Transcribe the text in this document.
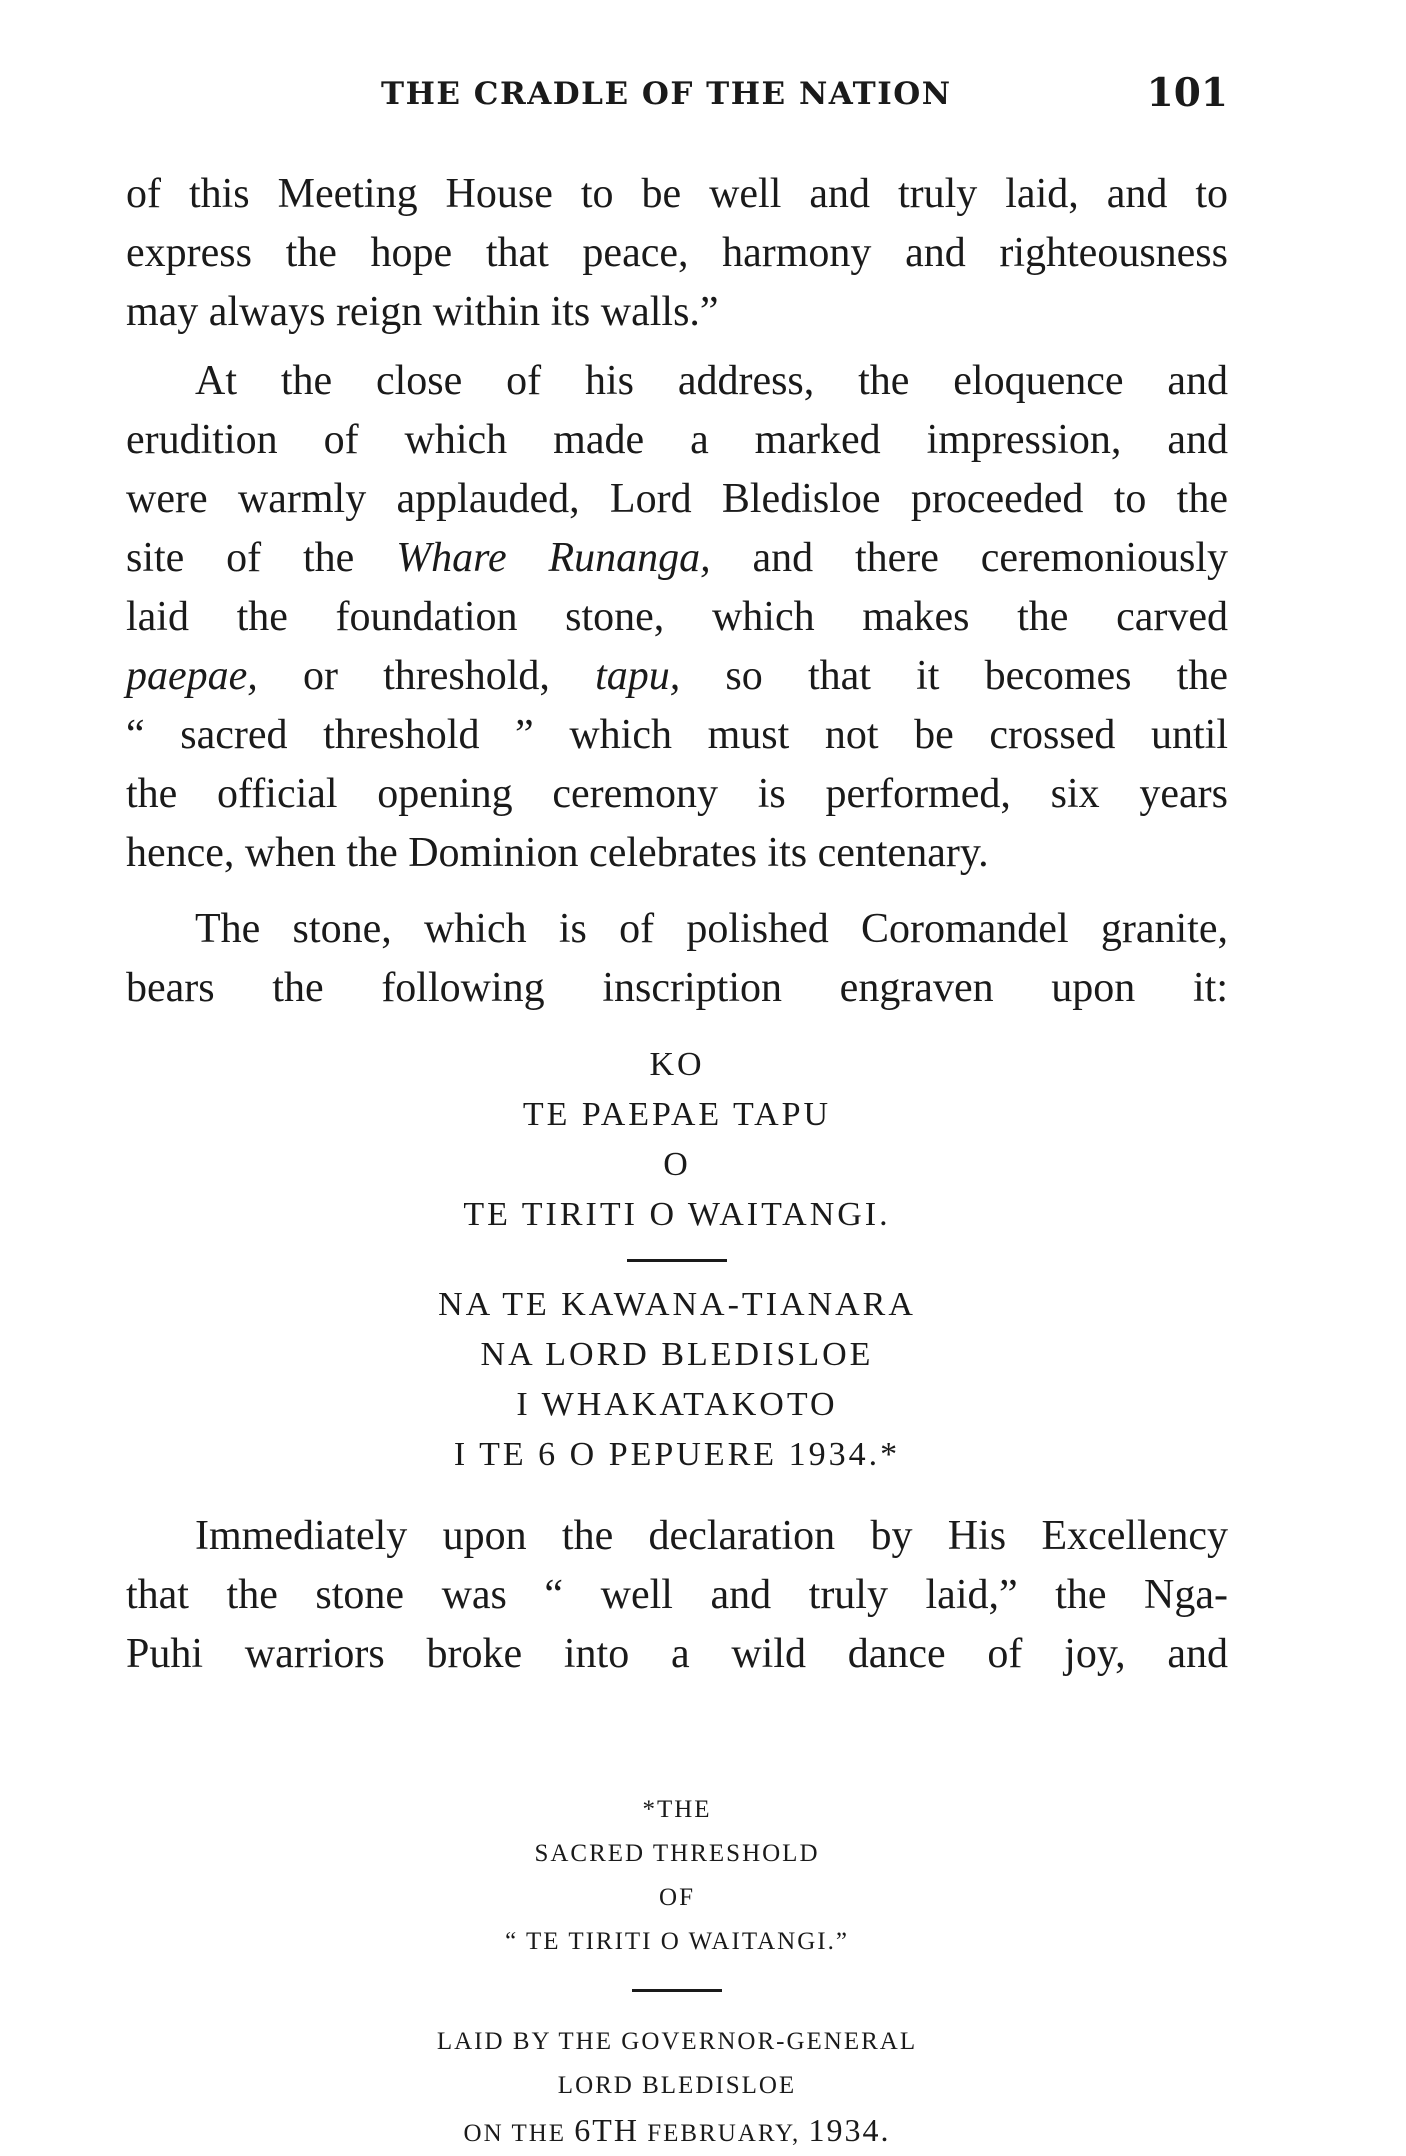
THE CRADLE OF THE NATION	101
of this Meeting House to be well and truly laid, and to
express the hope that peace, harmony and righteousness
may always reign within its walls.”
At the close of his address, the eloquence and
erudition of which made a marked impression, and
were warmly applauded, Lord Bledisloe proceeded to the
site of the Whare Runanga, and there ceremoniously
laid the foundation stone, which makes the carved
paepae, or threshold, tapu, so that it becomes the
“ sacred threshold ” which must not be crossed until
the official opening ceremony is performed, six years
hence, when the Dominion celebrates its centenary.
The stone, which is of polished Coromandel granite,
bears the following inscription engraven upon it:
KO
TE PAEPAE TAPU
O
TE TIRITI O WAITANGI.
NA TE KAWANA-TIANARA
NA LORD BLEDISLOE
I WHAKATAKOTO
I TE 6 O PEPUERE 1934.*
Immediately upon the declaration by His Excellency
that the stone was “ well and truly laid,” the Nga-
Puhi warriors broke into a wild dance of joy, and
*THE
SACRED THRESHOLD
OF
“ TE TIRITI O WAITANGI.”
LAID BY THE GOVERNOR-GENERAL
LORD BLEDISLOE
ON THE 6TH FEBRUARY, 1934.
